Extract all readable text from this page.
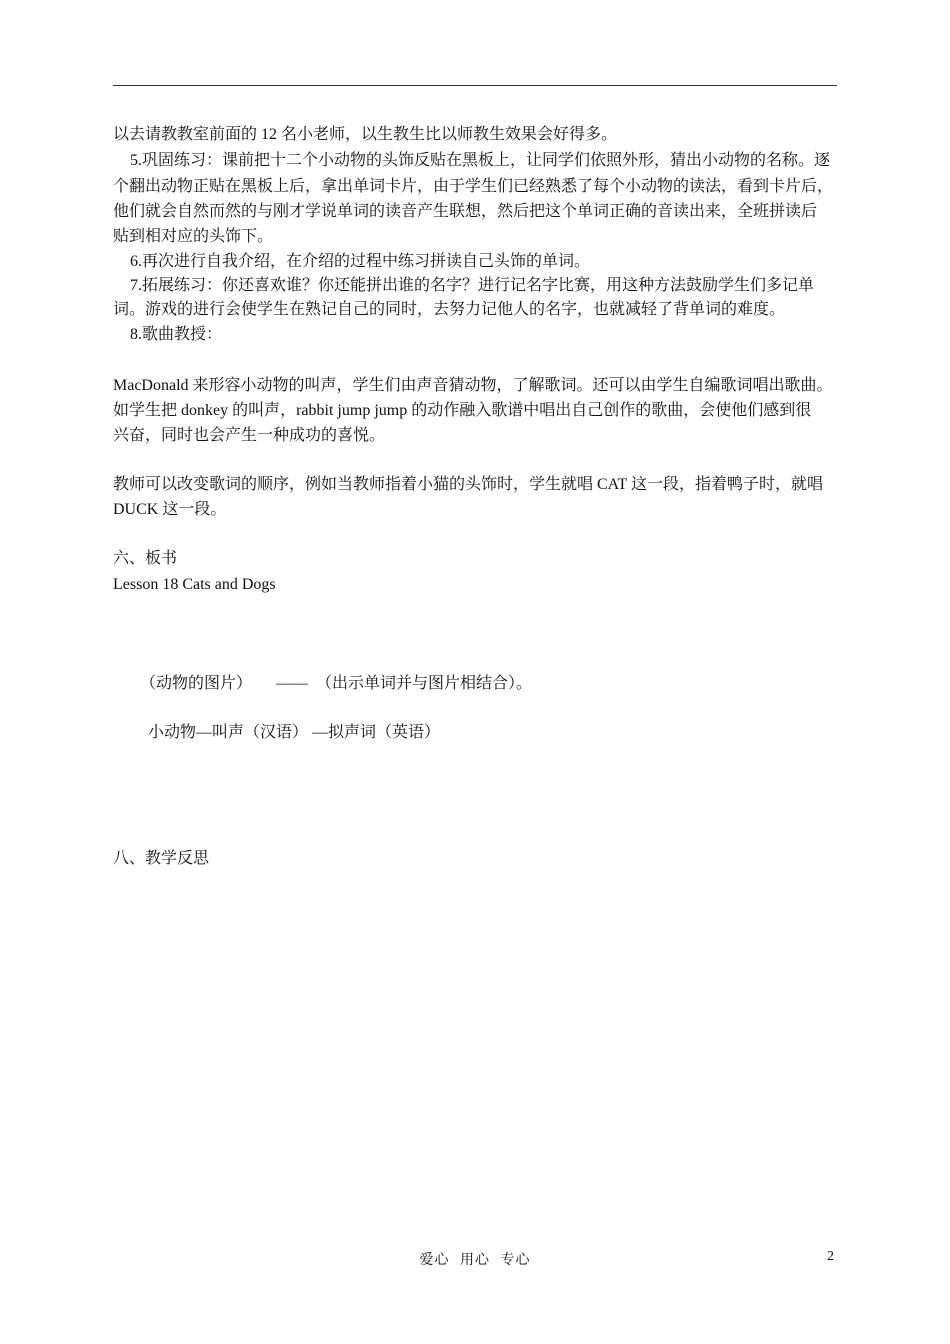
以去请教教室前面的 12 名小老师，以生教生比以师教生效果会好得多。
5.巩固练习：课前把十二个小动物的头饰反贴在黑板上，让同学们依照外形，猜出小动物的名称。逐
个翻出动物正贴在黑板上后，拿出单词卡片，由于学生们已经熟悉了每个小动物的读法，看到卡片后，
他们就会自然而然的与刚才学说单词的读音产生联想，然后把这个单词正确的音读出来，全班拼读后
贴到相对应的头饰下。
6.再次进行自我介绍，在介绍的过程中练习拼读自己头饰的单词。
7.拓展练习：你还喜欢谁？你还能拼出谁的名字？进行记名字比赛，用这种方法鼓励学生们多记单
词。游戏的进行会使学生在熟记自己的同时，去努力记他人的名字，也就减轻了背单词的难度。
8.歌曲教授：
MacDonald 来形容小动物的叫声，学生们由声音猜动物，了解歌词。还可以由学生自编歌词唱出歌曲。
如学生把 donkey 的叫声，rabbit jump jump 的动作融入歌谱中唱出自己创作的歌曲，会使他们感到很
兴奋，同时也会产生一种成功的喜悦。
教师可以改变歌词的顺序，例如当教师指着小猫的头饰时，学生就唱 CAT 这一段，指着鸭子时，就唱
DUCK 这一段。
六、板书
Lesson 18 Cats and Dogs
（动物的图片）　　——　（出示单词并与图片相结合）。
小动物—叫声（汉语） —拟声词（英语）
八、教学反思
爱心 用心 专心	2
